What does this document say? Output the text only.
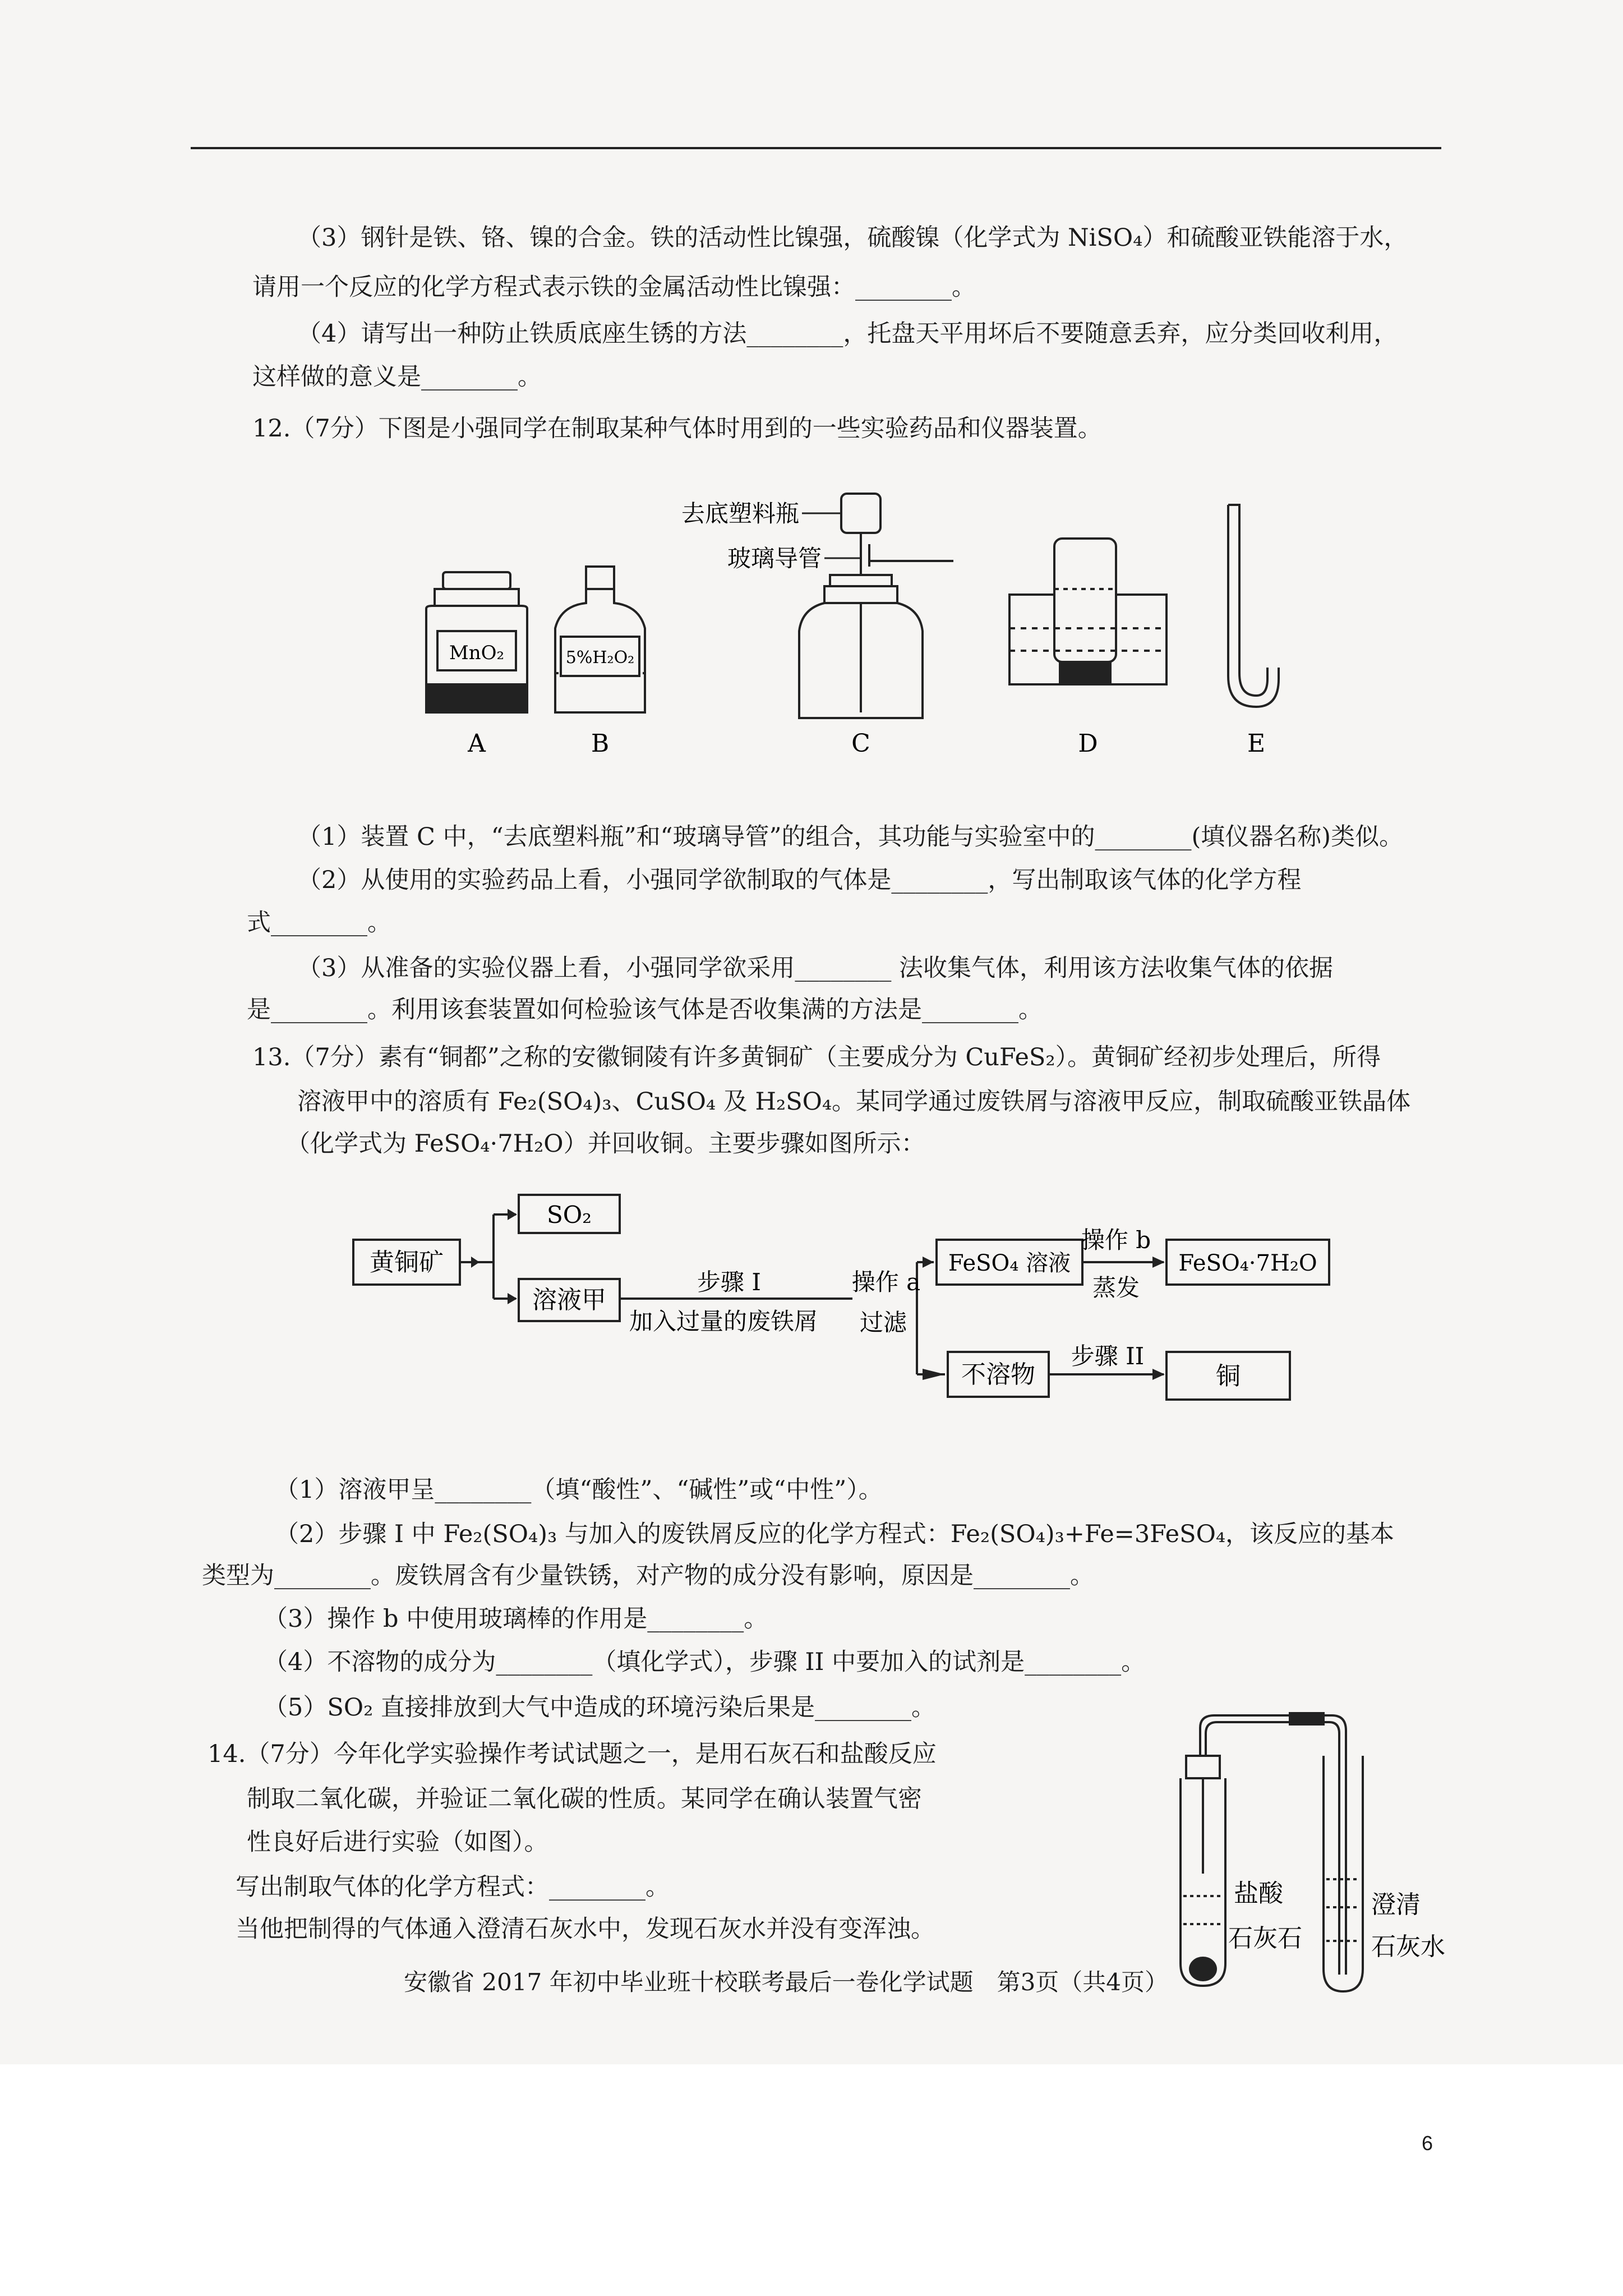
（3）钢针是铁、铬、镍的合金。铁的活动性比镍强，硫酸镍（化学式为 NiSO₄）和硫酸亚铁能溶于水，
请用一个反应的化学方程式表示铁的金属活动性比镍强：________。
（4）请写出一种防止铁质底座生锈的方法________，托盘天平用坏后不要随意丢弃，应分类回收利用，
这样做的意义是________。
12.（7分）下图是小强同学在制取某种气体时用到的一些实验药品和仪器装置。
MnO₂	5%H₂O₂
去底塑料瓶
玻璃导管
A	B	C	D	E
（1）装置 C 中，“去底塑料瓶”和“玻璃导管”的组合，其功能与实验室中的________(填仪器名称)类似。
（2）从使用的实验药品上看，小强同学欲制取的气体是________，写出制取该气体的化学方程
式________。
（3）从准备的实验仪器上看，小强同学欲采用________ 法收集气体，利用该方法收集气体的依据
是________。利用该套装置如何检验该气体是否收集满的方法是________。
13.（7分）素有“铜都”之称的安徽铜陵有许多黄铜矿（主要成分为 CuFeS₂）。黄铜矿经初步处理后，所得
溶液甲中的溶质有 Fe₂(SO₄)₃、CuSO₄ 及 H₂SO₄。某同学通过废铁屑与溶液甲反应，制取硫酸亚铁晶体
（化学式为 FeSO₄·7H₂O）并回收铜。主要步骤如图所示：
黄铜矿
SO₂
溶液甲
步骤 I
加入过量的废铁屑
操作 a
过滤
FeSO₄ 溶液
操作 b
蒸发
FeSO₄·7H₂O
不溶物
步骤 II
铜
（1）溶液甲呈________（填“酸性”、“碱性”或“中性”）。
（2）步骤 I 中 Fe₂(SO₄)₃ 与加入的废铁屑反应的化学方程式：Fe₂(SO₄)₃+Fe=3FeSO₄，该反应的基本
类型为________。废铁屑含有少量铁锈，对产物的成分没有影响，原因是________。
（3）操作 b 中使用玻璃棒的作用是________。
（4）不溶物的成分为________（填化学式），步骤 II 中要加入的试剂是________。
（5）SO₂ 直接排放到大气中造成的环境污染后果是________。
14.（7分）今年化学实验操作考试试题之一，是用石灰石和盐酸反应
制取二氧化碳，并验证二氧化碳的性质。某同学在确认装置气密
性良好后进行实验（如图）。
写出制取气体的化学方程式：________。
当他把制得的气体通入澄清石灰水中，发现石灰水并没有变浑浊。
盐酸
石灰石
澄清
石灰水
安徽省 2017 年初中毕业班十校联考最后一卷化学试题　第3页（共4页）
6
